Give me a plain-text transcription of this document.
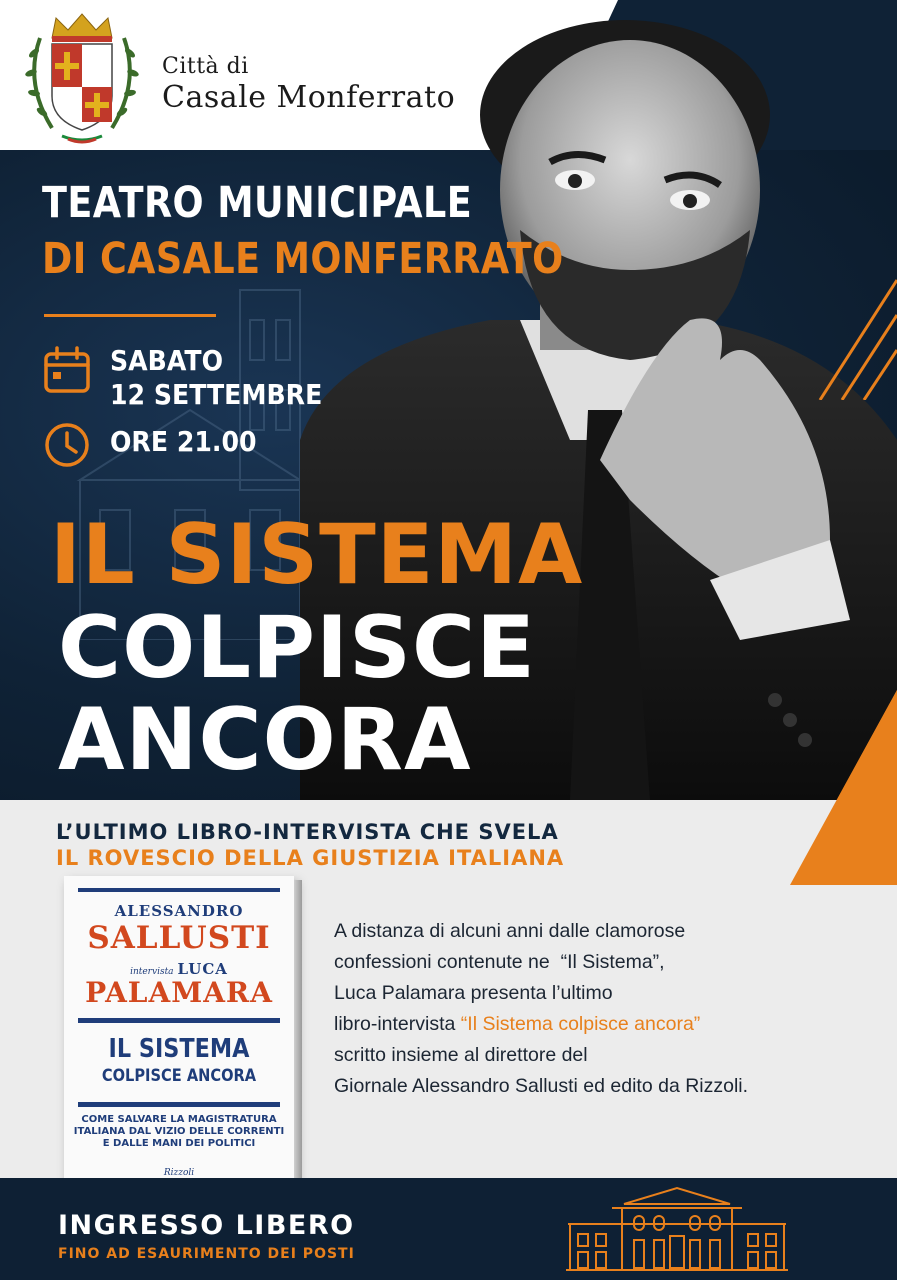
Città di
Casale Monferrato
TEATRO MUNICIPALE
DI CASALE MONFERRATO
SABATO
12 SETTEMBRE
ORE 21.00
IL SISTEMA
COLPISCE
ANCORA
L’ULTIMO LIBRO-INTERVISTA CHE SVELA
IL ROVESCIO DELLA GIUSTIZIA ITALIANA
ALESSANDRO
SALLUSTI
intervista LUCA
PALAMARA
IL SISTEMA
COLPISCE ANCORA
COME SALVARE LA MAGISTRATURA
ITALIANA DAL VIZIO DELLE CORRENTI
E DALLE MANI DEI POLITICI
Rizzoli
A distanza di alcuni anni dalle clamorose
confessioni contenute ne  “Il Sistema”,
Luca Palamara presenta l’ultimo
libro-intervista “Il Sistema colpisce ancora”
scritto insieme al direttore del
Giornale Alessandro Sallusti ed edito da Rizzoli.
INGRESSO LIBERO
FINO AD ESAURIMENTO DEI POSTI
